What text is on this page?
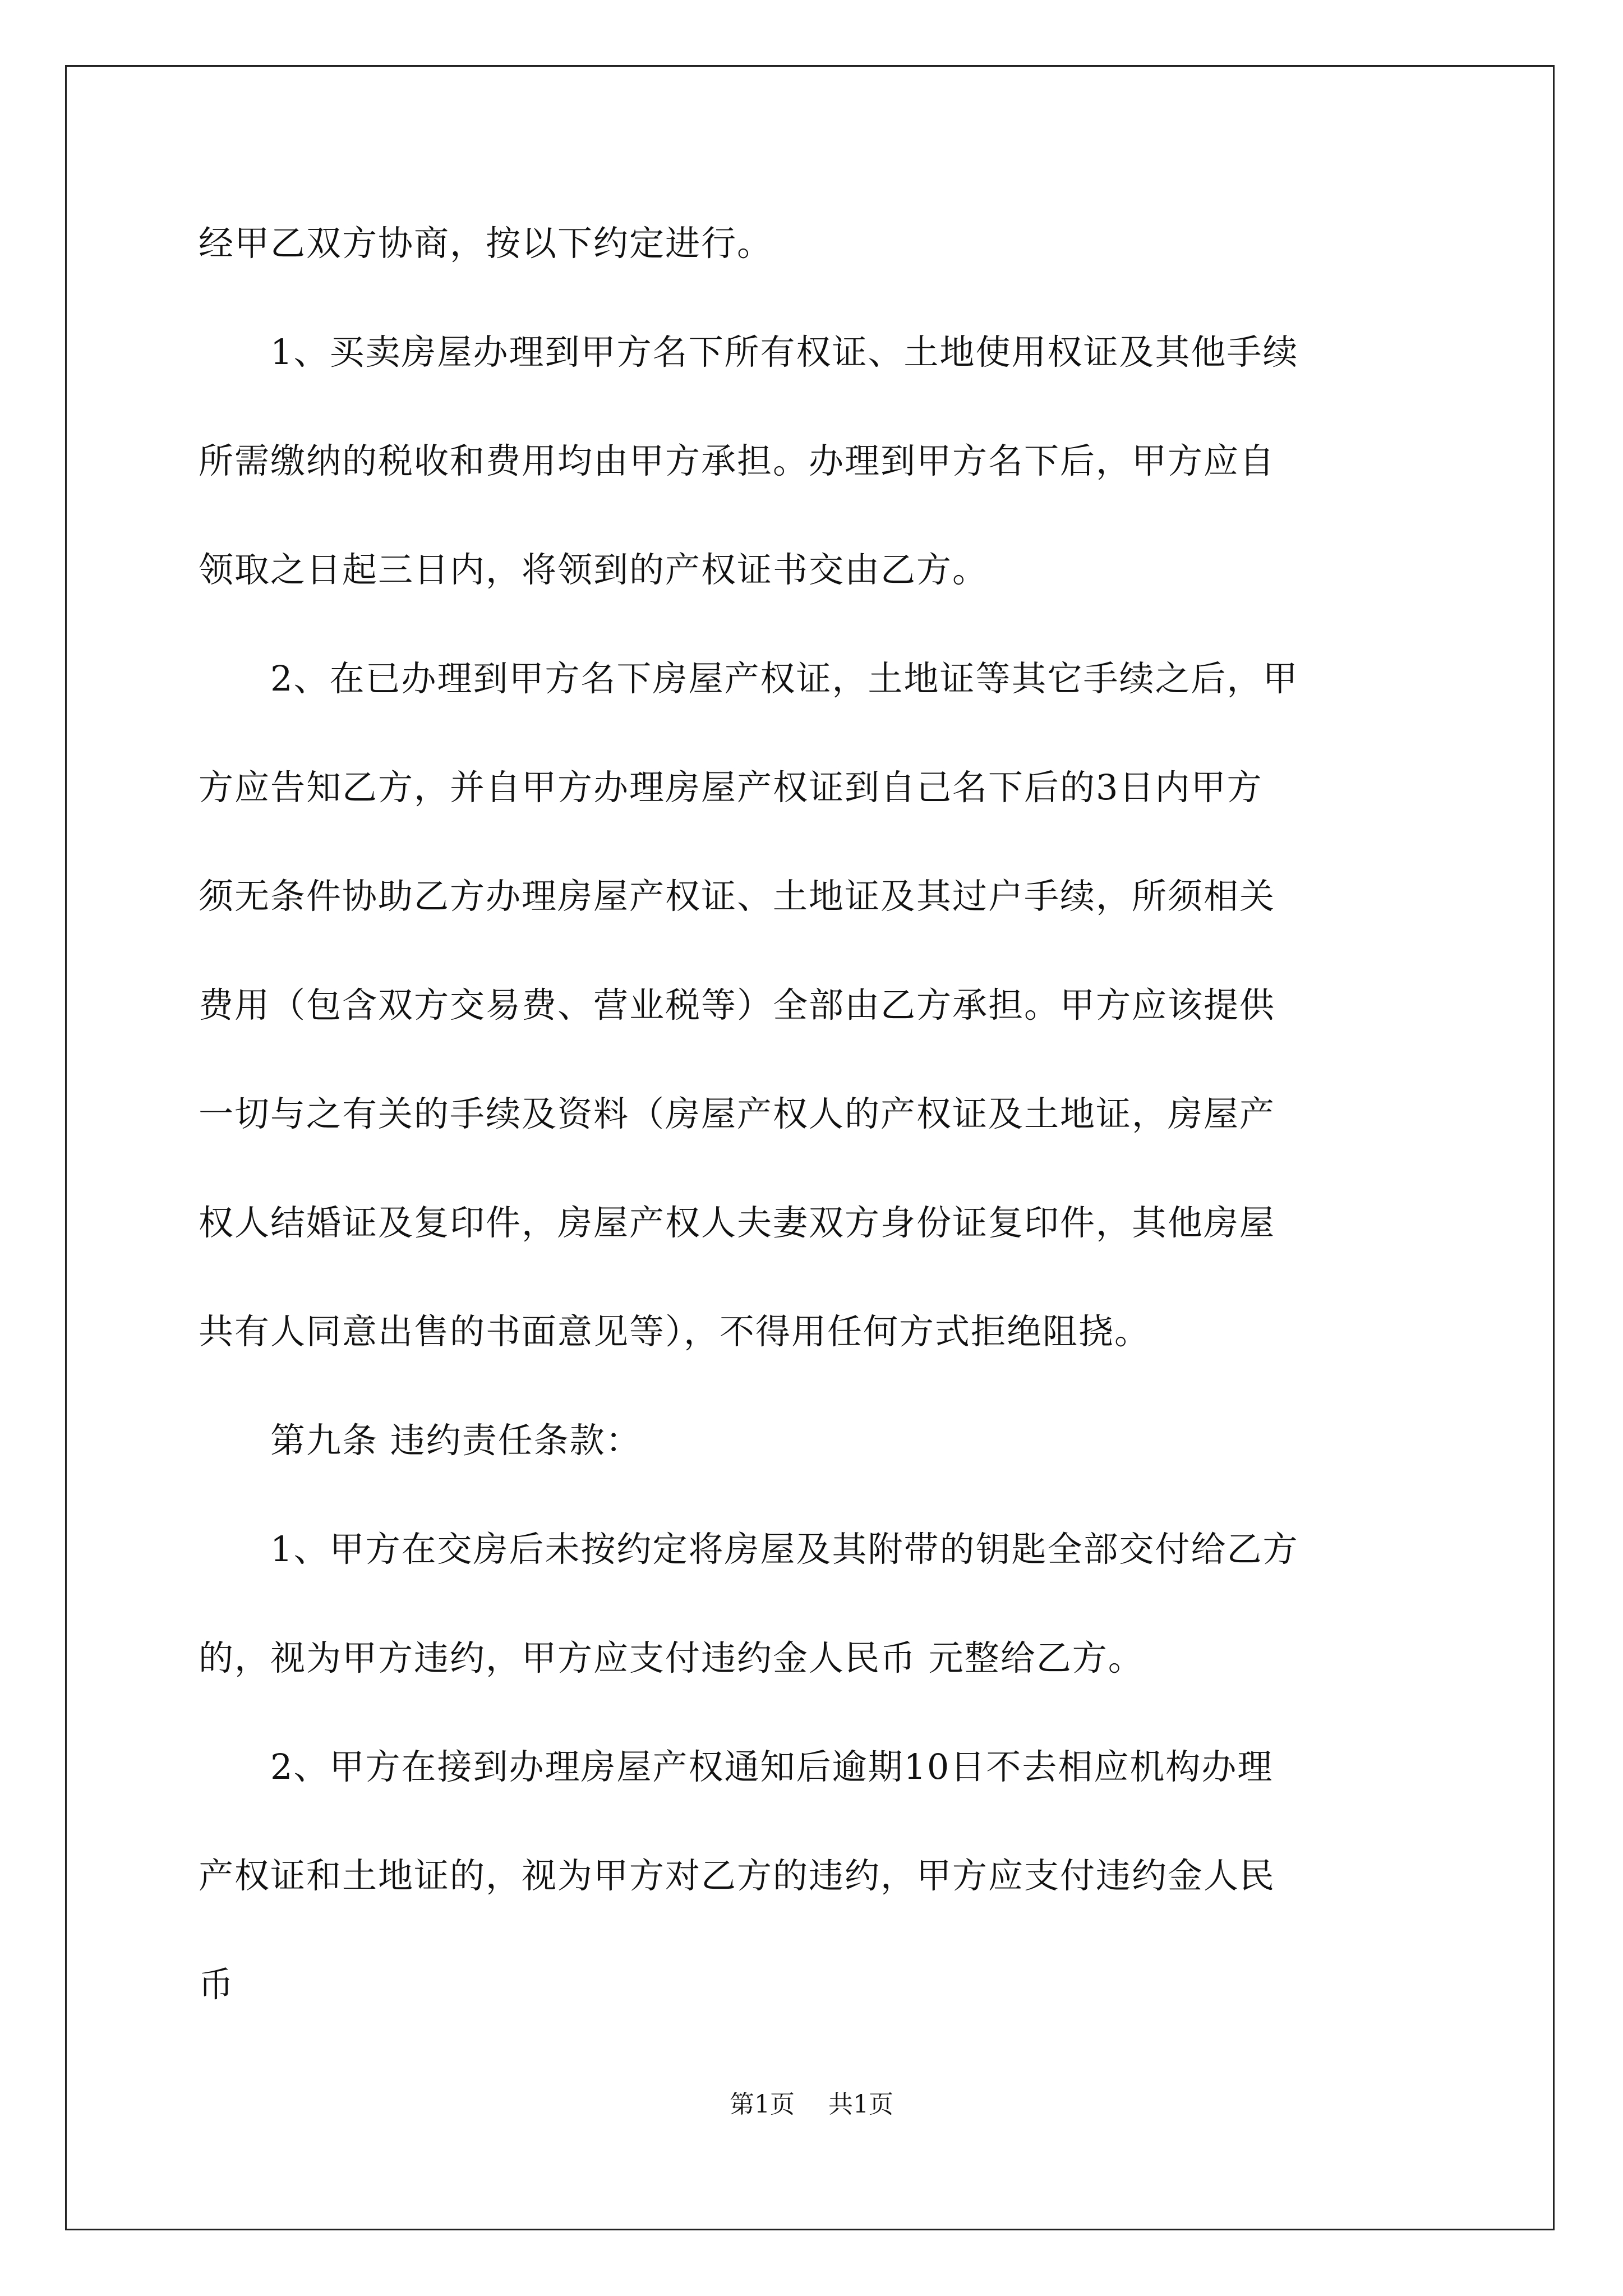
经甲乙双方协商，按以下约定进行。
1、买卖房屋办理到甲方名下所有权证、土地使用权证及其他手续
所需缴纳的税收和费用均由甲方承担。办理到甲方名下后，甲方应自
领取之日起三日内，将领到的产权证书交由乙方。
2、在已办理到甲方名下房屋产权证，土地证等其它手续之后，甲
方应告知乙方，并自甲方办理房屋产权证到自己名下后的3日内甲方
须无条件协助乙方办理房屋产权证、土地证及其过户手续，所须相关
费用（包含双方交易费、营业税等）全部由乙方承担。甲方应该提供
一切与之有关的手续及资料（房屋产权人的产权证及土地证，房屋产
权人结婚证及复印件，房屋产权人夫妻双方身份证复印件，其他房屋
共有人同意出售的书面意见等），不得用任何方式拒绝阻挠。
第九条 违约责任条款：
1、甲方在交房后未按约定将房屋及其附带的钥匙全部交付给乙方
的，视为甲方违约，甲方应支付违约金人民币 元整给乙方。
2、甲方在接到办理房屋产权通知后逾期10日不去相应机构办理
产权证和土地证的，视为甲方对乙方的违约，甲方应支付违约金人民
币
第1页 共1页
